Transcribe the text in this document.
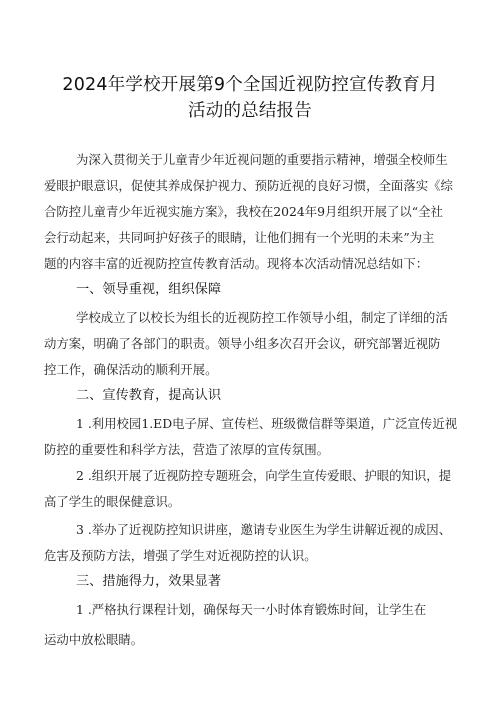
2024年学校开展第9个全国近视防控宣传教育月
活动的总结报告
为深入贯彻关于儿童青少年近视问题的重要指示精神，增强全校师生
爱眼护眼意识，促使其养成保护视力、预防近视的良好习惯，全面落实《综
合防控儿童青少年近视实施方案》，我校在2024年9月组织开展了以“全社
会行动起来，共同呵护好孩子的眼睛，让他们拥有一个光明的未来”为主
题的内容丰富的近视防控宣传教育活动。现将本次活动情况总结如下：
一、领导重视，组织保障
学校成立了以校长为组长的近视防控工作领导小组，制定了详细的活
动方案，明确了各部门的职责。领导小组多次召开会议，研究部署近视防
控工作，确保活动的顺利开展。
二、宣传教育，提高认识
1 .利用校园1.ED电子屏、宣传栏、班级微信群等渠道，广泛宣传近视
防控的重要性和科学方法，营造了浓厚的宣传氛围。
2 .组织开展了近视防控专题班会，向学生宣传爱眼、护眼的知识，提
高了学生的眼保健意识。
3 .举办了近视防控知识讲座，邀请专业医生为学生讲解近视的成因、
危害及预防方法，增强了学生对近视防控的认识。
三、措施得力，效果显著
1 .严格执行课程计划，确保每天一小时体育锻炼时间，让学生在
运动中放松眼睛。
